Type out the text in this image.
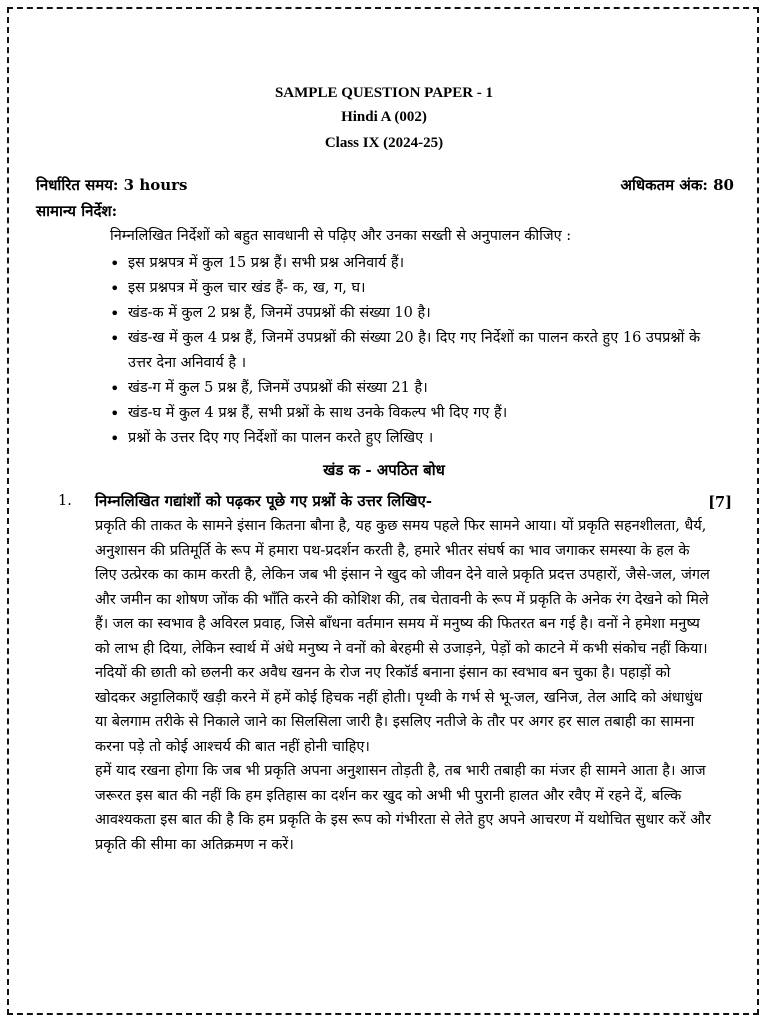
SAMPLE QUESTION PAPER - 1
Hindi A (002)
Class IX (2024-25)
निर्धारित समय: 3 hours	अधिकतम अंक: 80
सामान्य निर्देश:
निम्नलिखित निर्देशों को बहुत सावधानी से पढ़िए और उनका सख्ती से अनुपालन कीजिए :
• इस प्रश्नपत्र में कुल 15 प्रश्न हैं। सभी प्रश्न अनिवार्य हैं।
• इस प्रश्नपत्र में कुल चार खंड हैं- क, ख, ग, घ।
• खंड-क में कुल 2 प्रश्न हैं, जिनमें उपप्रश्नों की संख्या 10 है।
• खंड-ख में कुल 4 प्रश्न हैं, जिनमें उपप्रश्नों की संख्या 20 है। दिए गए निर्देशों का पालन करते हुए 16 उपप्रश्नों के उत्तर देना अनिवार्य है ।
• खंड-ग में कुल 5 प्रश्न हैं, जिनमें उपप्रश्नों की संख्या 21 है।
• खंड-घ में कुल 4 प्रश्न हैं, सभी प्रश्नों के साथ उनके विकल्प भी दिए गए हैं।
• प्रश्नों के उत्तर दिए गए निर्देशों का पालन करते हुए लिखिए ।
खंड क - अपठित बोध
1. निम्नलिखित गद्यांशों को पढ़कर पूछे गए प्रश्नों के उत्तर लिखिए-	[7]

प्रकृति की ताकत के सामने इंसान कितना बौना है, यह कुछ समय पहले फिर सामने आया। यों प्रकृति सहनशीलता, धैर्य, अनुशासन की प्रतिमूर्ति के रूप में हमारा पथ-प्रदर्शन करती है, हमारे भीतर संघर्ष का भाव जगाकर समस्या के हल के लिए उत्प्रेरक का काम करती है, लेकिन जब भी इंसान ने खुद को जीवन देने वाले प्रकृति प्रदत्त उपहारों, जैसे-जल, जंगल और जमीन का शोषण जोंक की भाँति करने की कोशिश की, तब चेतावनी के रूप में प्रकृति के अनेक रंग देखने को मिले हैं। जल का स्वभाव है अविरल प्रवाह, जिसे बाँधना वर्तमान समय में मनुष्य की फितरत बन गई है। वनों ने हमेशा मनुष्य को लाभ ही दिया, लेकिन स्वार्थ में अंधे मनुष्य ने वनों को बेरहमी से उजाड़ने, पेड़ों को काटने में कभी संकोच नहीं किया। नदियों की छाती को छलनी कर अवैध खनन के रोज नए रिकॉर्ड बनाना इंसान का स्वभाव बन चुका है। पहाड़ों को खोदकर अट्टालिकाएँ खड़ी करने में हमें कोई हिचक नहीं होती। पृथ्वी के गर्भ से भू-जल, खनिज, तेल आदि को अंधाधुंध या बेलगाम तरीके से निकाले जाने का सिलसिला जारी है। इसलिए नतीजे के तौर पर अगर हर साल तबाही का सामना करना पड़े तो कोई आश्चर्य की बात नहीं होनी चाहिए।

हमें याद रखना होगा कि जब भी प्रकृति अपना अनुशासन तोड़ती है, तब भारी तबाही का मंजर ही सामने आता है। आज जरूरत इस बात की नहीं कि हम इतिहास का दर्शन कर खुद को अभी भी पुरानी हालत और रवैए में रहने दें, बल्कि आवश्यकता इस बात की है कि हम प्रकृति के इस रूप को गंभीरता से लेते हुए अपने आचरण में यथोचित सुधार करें और प्रकृति की सीमा का अतिक्रमण न करें।
